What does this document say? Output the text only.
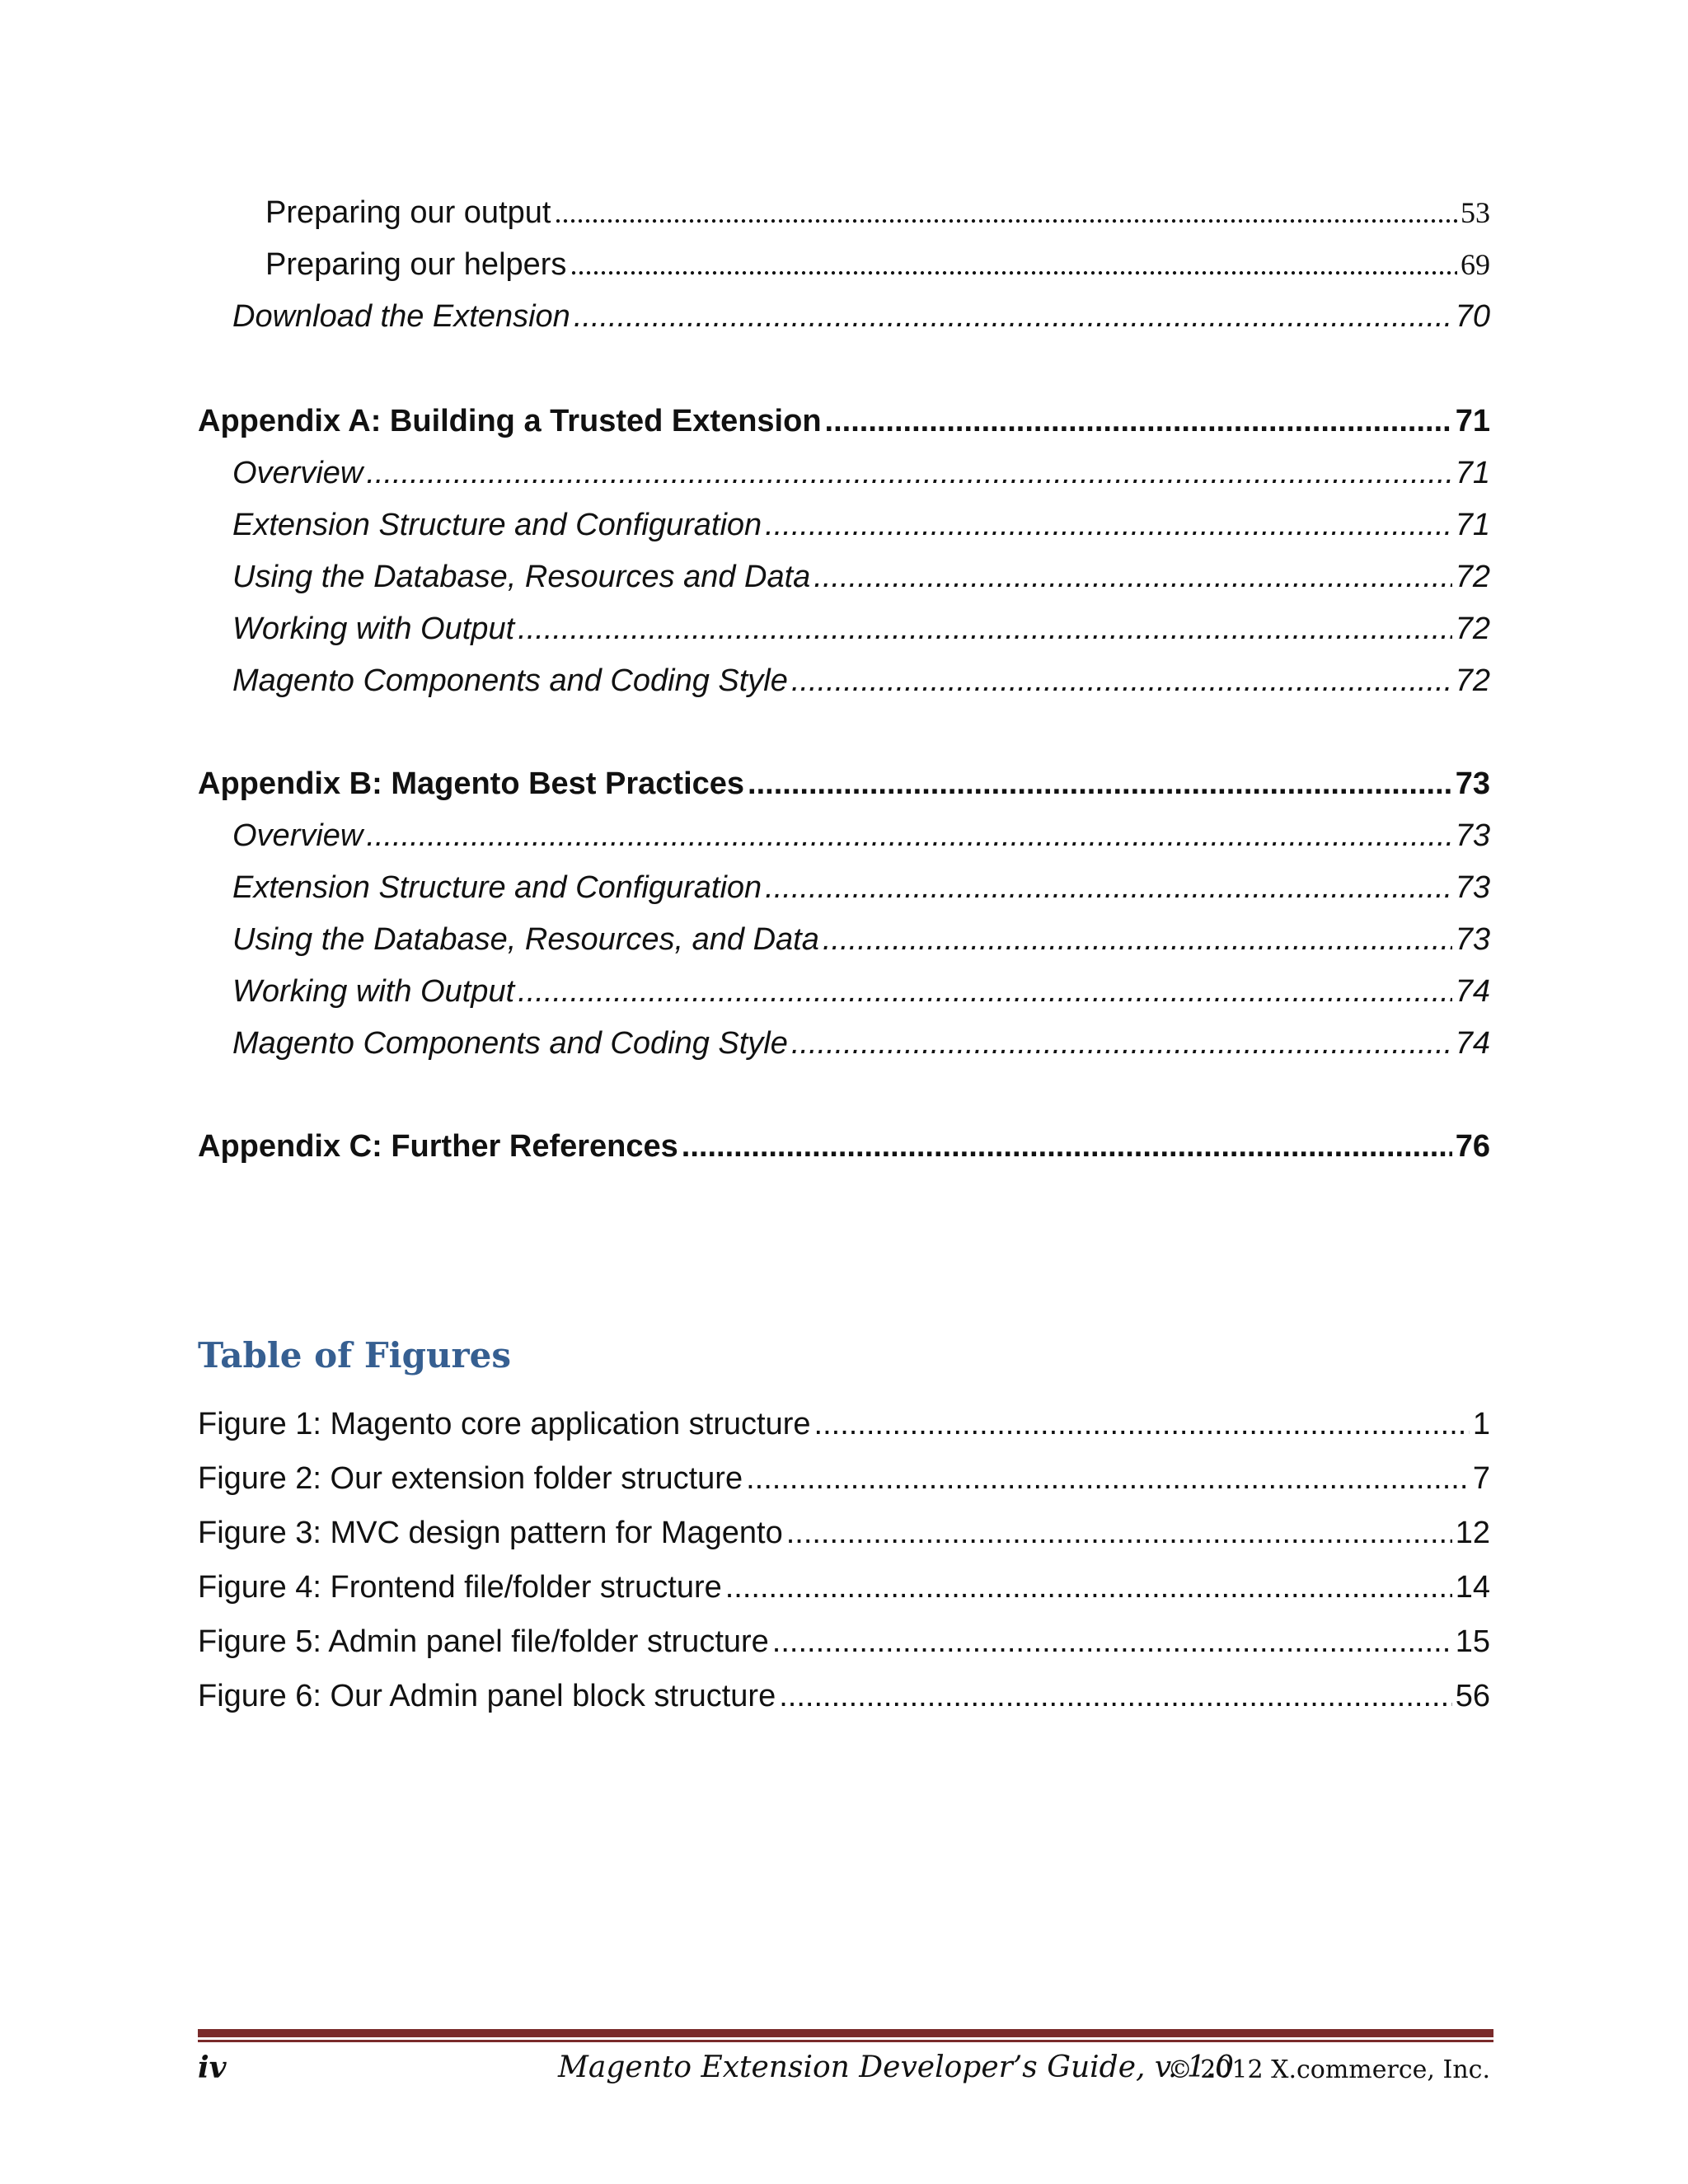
Preparing our output .....	53
Preparing our helpers .....	69
Download the Extension .....	70
Appendix A: Building a Trusted Extension .....	71
Overview .....	71
Extension Structure and Configuration .....	71
Using the Database, Resources and Data .....	72
Working with Output .....	72
Magento Components and Coding Style .....	72
Appendix B: Magento Best Practices .....	73
Overview .....	73
Extension Structure and Configuration .....	73
Using the Database, Resources, and Data .....	73
Working with Output .....	74
Magento Components and Coding Style .....	74
Appendix C: Further References .....	76
Table of Figures
Figure 1: Magento core application structure .....	1
Figure 2: Our extension folder structure .....	7
Figure 3: MVC design pattern for Magento .....	12
Figure 4: Frontend file/folder structure .....	14
Figure 5: Admin panel file/folder structure .....	15
Figure 6: Our Admin panel block structure .....	56
iv	Magento Extension Developer’s Guide, v. 1.0
© 2012 X.commerce, Inc.
